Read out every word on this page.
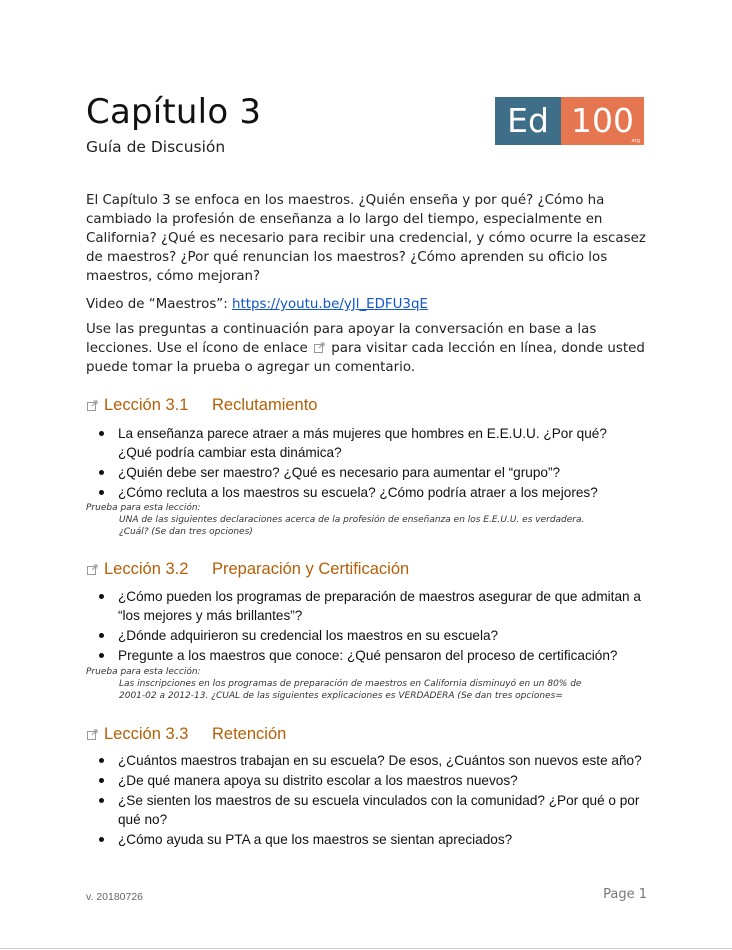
Capítulo 3
Guía de Discusión
Ed 100
.org

El Capítulo 3 se enfoca en los maestros. ¿Quién enseña y por qué? ¿Cómo ha cambiado la profesión de enseñanza a lo largo del tiempo, especialmente en California? ¿Qué es necesario para recibir una credencial, y cómo ocurre la escasez de maestros? ¿Por qué renuncian los maestros? ¿Cómo aprenden su oficio los maestros, cómo mejoran?

Video de “Maestros”: https://youtu.be/yJl_EDFU3qE

Use las preguntas a continuación para apoyar la conversación en base a las lecciones. Use el ícono de enlace  para visitar cada lección en línea, donde usted puede tomar la prueba o agregar un comentario.

Lección 3.1	Reclutamiento
La enseñanza parece atraer a más mujeres que hombres en E.E.U.U. ¿Por qué? ¿Qué podría cambiar esta dinámica?
¿Quién debe ser maestro? ¿Qué es necesario para aumentar el “grupo”?
¿Cómo recluta a los maestros su escuela? ¿Cómo podría atraer a los mejores?
Prueba para esta lección:
UNA de las siguientes declaraciones acerca de la profesión de enseñanza en los E.E.U.U. es verdadera. ¿Cuál? (Se dan tres opciones)
Lección 3.2	Preparación y Certificación
¿Cómo pueden los programas de preparación de maestros asegurar de que admitan a “los mejores y más brillantes”?
¿Dónde adquirieron su credencial los maestros en su escuela?
Pregunte a los maestros que conoce: ¿Qué pensaron del proceso de certificación?
Prueba para esta lección:
Las inscripciones en los programas de preparación de maestros en California disminuyó en un 80% de 2001-02 a 2012-13. ¿CUAL de las siguientes explicaciones es VERDADERA (Se dan tres opciones=
Lección 3.3	Retención
¿Cuántos maestros trabajan en su escuela? De esos, ¿Cuántos son nuevos este año?
¿De qué manera apoya su distrito escolar a los maestros nuevos?
¿Se sienten los maestros de su escuela vinculados con la comunidad? ¿Por qué o por qué no?
¿Cómo ayuda su PTA a que los maestros se sientan apreciados?
v. 20180726	Page 1
